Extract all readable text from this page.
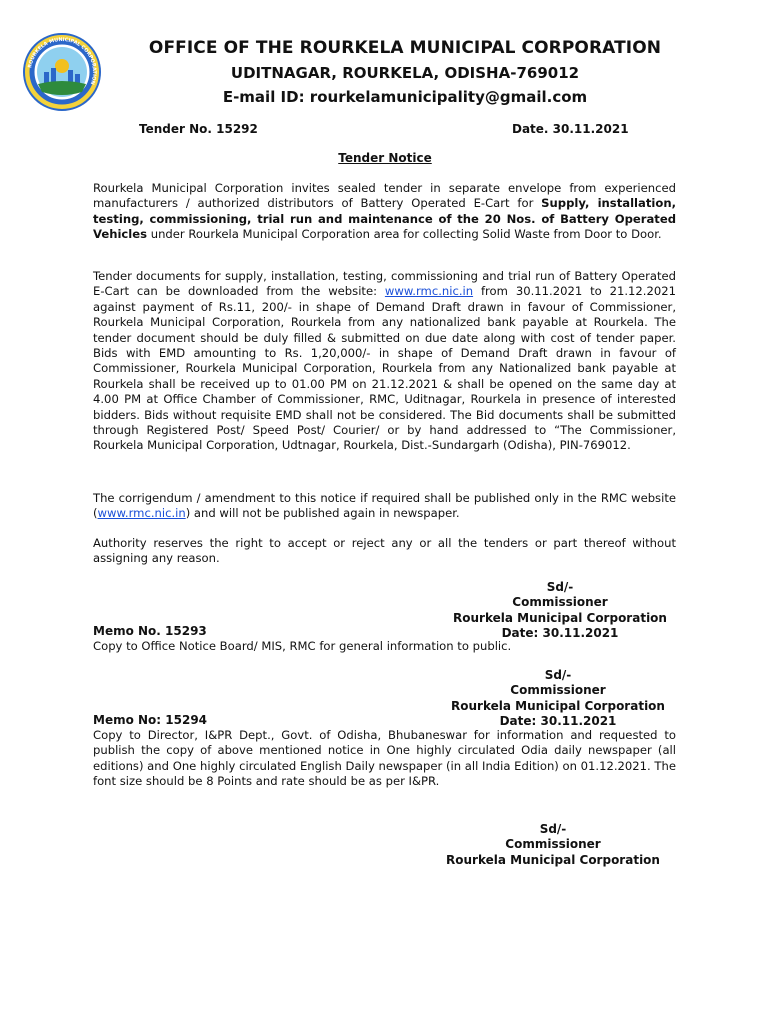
ROURKELA MUNICIPAL CORPORATION
OFFICE OF THE ROURKELA MUNICIPAL CORPORATION
UDITNAGAR, ROURKELA, ODISHA-769012
E-mail ID: rourkelamunicipality@gmail.com
Tender No. 15292	Date. 30.11.2021
Tender Notice

Rourkela Municipal Corporation invites sealed tender in separate envelope from experienced manufacturers / authorized distributors of Battery Operated E-Cart for Supply, installation, testing, commissioning, trial run and maintenance of the 20 Nos. of Battery Operated Vehicles under Rourkela Municipal Corporation area for collecting Solid Waste from Door to Door.

Tender documents for supply, installation, testing, commissioning and trial run of Battery Operated E-Cart can be downloaded from the website: www.rmc.nic.in from 30.11.2021 to 21.12.2021 against payment of Rs.11, 200/- in shape of Demand Draft drawn in favour of Commissioner, Rourkela Municipal Corporation, Rourkela from any nationalized bank payable at Rourkela. The tender document should be duly filled & submitted on due date along with cost of tender paper. Bids with EMD amounting to Rs. 1,20,000/- in shape of Demand Draft drawn in favour of Commissioner, Rourkela Municipal Corporation, Rourkela from any Nationalized bank payable at Rourkela shall be received up to 01.00 PM on 21.12.2021 & shall be opened on the same day at 4.00 PM at Office Chamber of Commissioner, RMC, Uditnagar, Rourkela in presence of interested bidders. Bids without requisite EMD shall not be considered. The Bid documents shall be submitted through Registered Post/ Speed Post/ Courier/ or by hand addressed to “The Commissioner, Rourkela Municipal Corporation, Udtnagar, Rourkela, Dist.-Sundargarh (Odisha), PIN-769012.

The corrigendum / amendment to this notice if required shall be published only in the RMC website (www.rmc.nic.in) and will not be published again in newspaper.

Authority reserves the right to accept or reject any or all the tenders or part thereof without assigning any reason.

Sd/-
Commissioner
Rourkela Municipal Corporation
Date: 30.11.2021
Memo No. 15293

Copy to Office Notice Board/ MIS, RMC for general information to public.

Sd/-
Commissioner
Rourkela Municipal Corporation
Date: 30.11.2021
Memo No: 15294

Copy to Director, I&PR Dept., Govt. of Odisha, Bhubaneswar for information and requested to publish the copy of above mentioned notice in One highly circulated Odia daily newspaper (all editions) and One highly circulated English Daily newspaper (in all India Edition) on 01.12.2021. The font size should be 8 Points and rate should be as per I&PR.

Sd/-
Commissioner
Rourkela Municipal Corporation
